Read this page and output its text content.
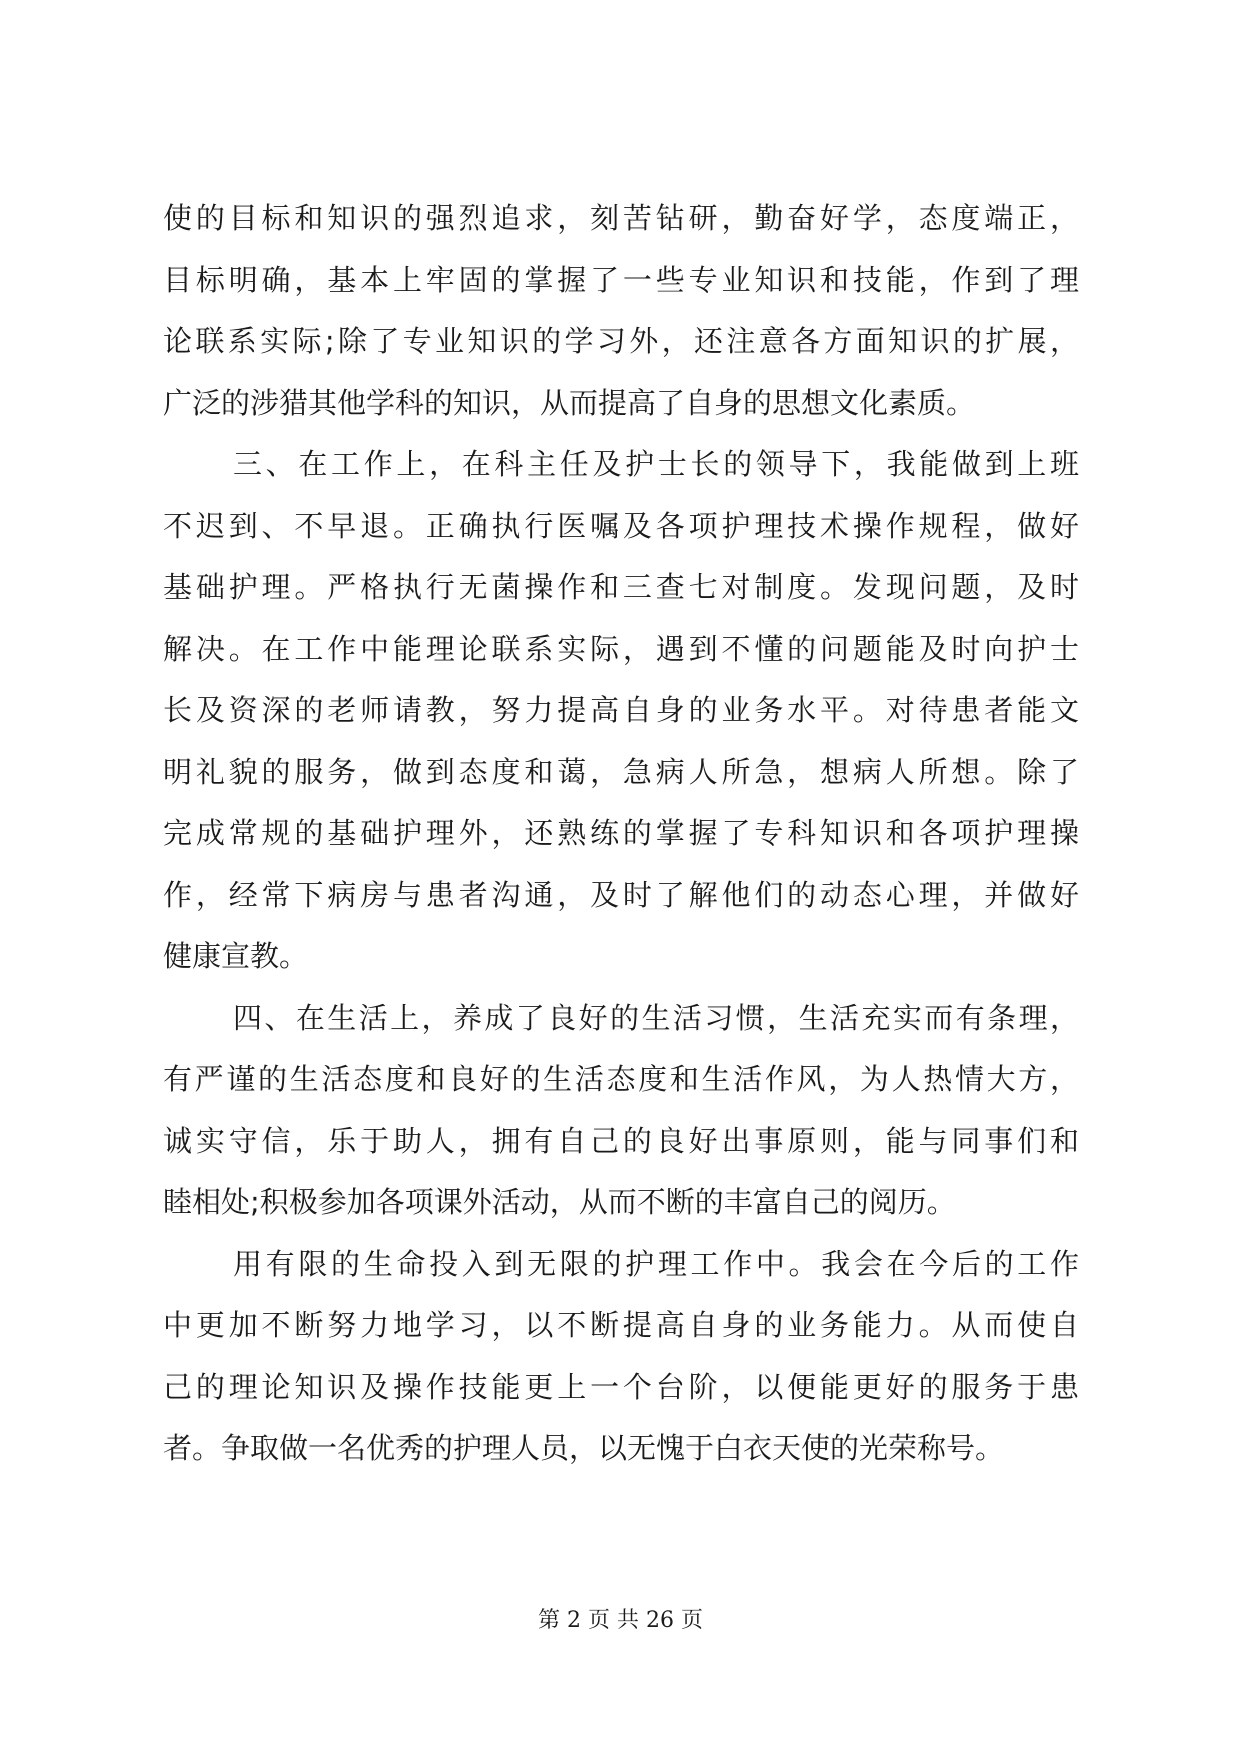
使的目标和知识的强烈追求，刻苦钻研，勤奋好学，态度端正，
目标明确，基本上牢固的掌握了一些专业知识和技能，作到了理
论联系实际;除了专业知识的学习外，还注意各方面知识的扩展，
广泛的涉猎其他学科的知识，从而提高了自身的思想文化素质。
三、在工作上，在科主任及护士长的领导下，我能做到上班
不迟到、不早退。正确执行医嘱及各项护理技术操作规程，做好
基础护理。严格执行无菌操作和三查七对制度。发现问题，及时
解决。在工作中能理论联系实际，遇到不懂的问题能及时向护士
长及资深的老师请教，努力提高自身的业务水平。对待患者能文
明礼貌的服务，做到态度和蔼，急病人所急，想病人所想。除了
完成常规的基础护理外，还熟练的掌握了专科知识和各项护理操
作，经常下病房与患者沟通，及时了解他们的动态心理，并做好
健康宣教。
四、在生活上，养成了良好的生活习惯，生活充实而有条理，
有严谨的生活态度和良好的生活态度和生活作风，为人热情大方，
诚实守信，乐于助人，拥有自己的良好出事原则，能与同事们和
睦相处;积极参加各项课外活动，从而不断的丰富自己的阅历。
用有限的生命投入到无限的护理工作中。我会在今后的工作
中更加不断努力地学习，以不断提高自身的业务能力。从而使自
己的理论知识及操作技能更上一个台阶，以便能更好的服务于患
者。争取做一名优秀的护理人员，以无愧于白衣天使的光荣称号。
第 2 页 共 26 页
